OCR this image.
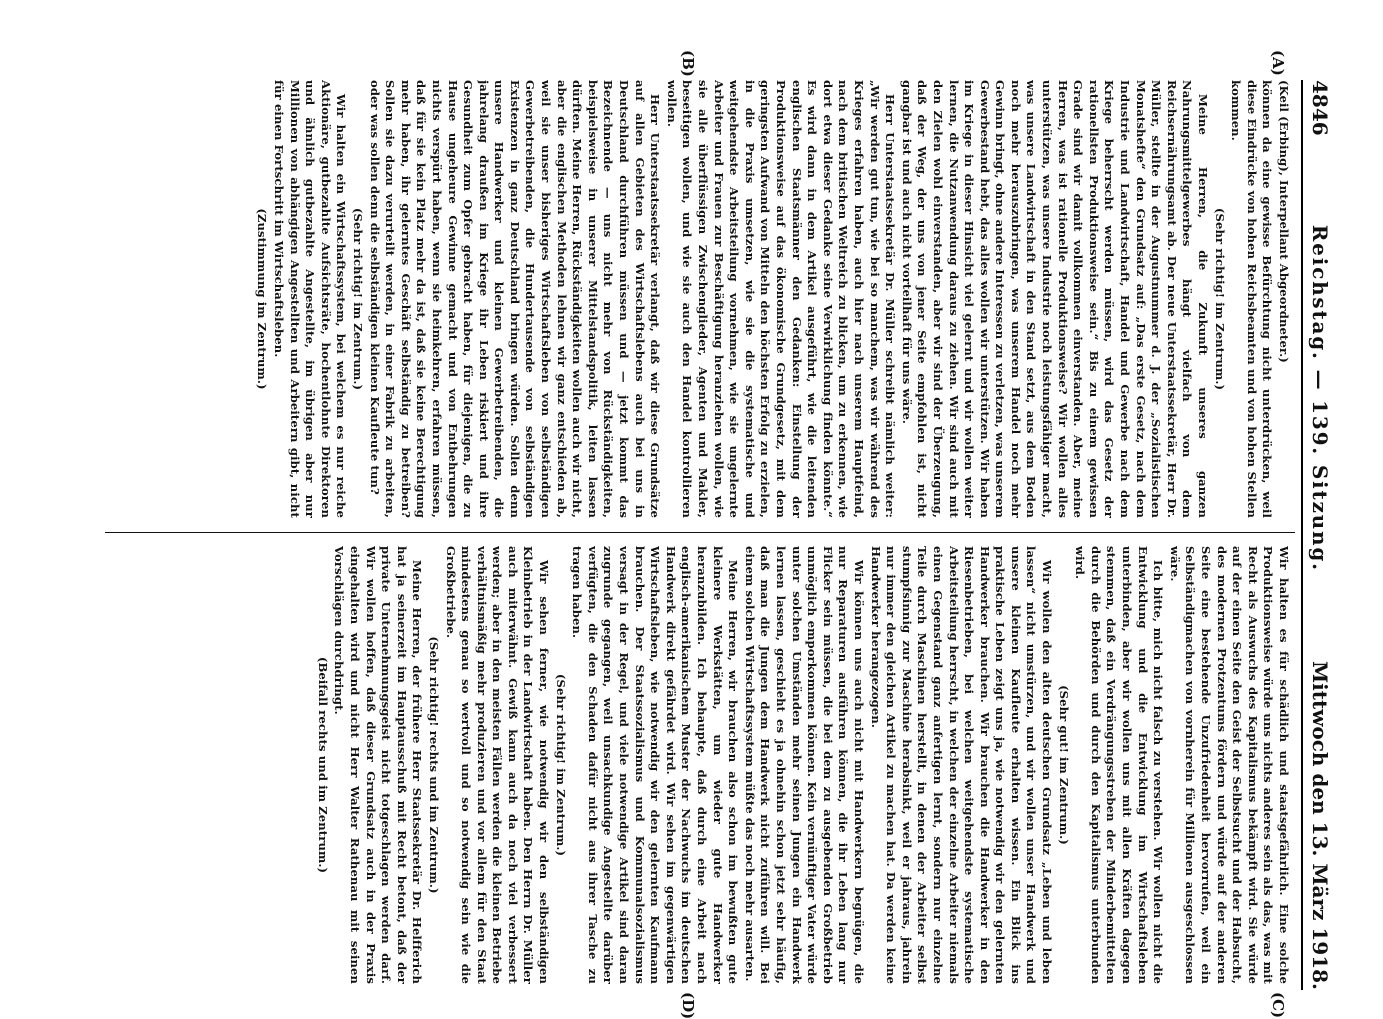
4846
Reichstag. — 139. Sitzung.
Mittwoch den 13. März 1918.
(A)
(B)
(C)
(D)

(Keil (Erbing), Interpellant Abgeordneter.)

können da eine gewisse Befürchtung nicht unterdrücken, weil diese Eindrücke von hohen Reichsbeamten und von hohen Stellen kommen.

(Sehr richtig! im Zentrum.)

Meine Herren, die Zukunft unseres ganzen Nahrungsmittelgewerbes hängt vielfach von dem Reichsernährungsamt ab. Der neue Unterstaatssekretär, Herr Dr. Müller, stellte in der Augustnummer d. J. der „Sozialistischen Monatshefte“ den Grundsatz auf: „Das erste Gesetz, nach dem Industrie und Landwirtschaft, Handel und Gewerbe nach dem Kriege beherrscht werden müssen, wird das Gesetz der rationellsten Produktionsweise sein.“ Bis zu einem gewissen Grade sind wir damit vollkommen einverstanden. Aber, meine Herren, was ist rationelle Produktionsweise? Wir wollen alles unterstützen, was unsere Industrie noch leistungsfähiger macht, was unsere Landwirtschaft in den Stand setzt, aus dem Boden noch mehr herauszubringen, was unserem Handel noch mehr Gewinn bringt, ohne andere Interessen zu verletzen, was unserem Gewerbestand hebt, das alles wollen wir unterstützen. Wir haben im Kriege in dieser Hinsicht viel gelernt und wir wollen weiter lernen, die Nutzanwendung daraus zu ziehen. Wir sind auch mit den Zielen wohl einverstanden, aber wir sind der Überzeugung, daß der Weg, der uns von jener Seite empfohlen ist, nicht gangbar ist und auch nicht vorteilhaft für uns wäre.

Herr Unterstaatssekretär Dr. Müller schreibt nämlich weiter: „Wir werden gut tun, wie bei so manchem, was wir während des Krieges erfahren haben, auch hier nach unserem Hauptfeind, nach dem britischen Weltreich zu blicken, um zu erkennen, wie dort etwa dieser Gedanke seine Verwirklichung finden könnte.“ Es wird dann in dem Artikel ausgeführt, wie die leitenden englischen Staatsmänner den Gedanken: Einstellung der Produktionsweise auf das ökonomische Grundgesetz, mit dem geringsten Aufwand von Mitteln den höchsten Erfolg zu erzielen, in die Praxis umsetzen, wie sie die systematische und weitgehendste Arbeitsteilung vornehmen, wie sie ungelernte Arbeiter und Frauen zur Beschäftigung heranziehen wollen, wie sie alle überflüssigen Zwischenglieder, Agenten und Makler, beseitigen wollen, und wie sie auch den Handel kontrollieren wollen.

Herr Unterstaatssekretär verlangt, daß wir diese Grundsätze auf allen Gebieten des Wirtschaftslebens auch bei uns in Deutschland durchführen müssen und — jetzt kommt das Bezeichnende — uns nicht mehr von Rückständigkeiten, beispielsweise in unserer Mittelstandspolitik, leiten lassen dürften. Meine Herren, Rückständigkeiten wollen auch wir nicht, aber die englischen Methoden lehnen wir ganz entschieden ab, weil sie unser bisheriges Wirtschaftsleben von selbständigen Gewerbetreibenden, die Hundertausende von selbständigen Existenzen in ganz Deutschland bringen würden. Sollen denn unsere Handwerker und kleinen Gewerbetreibenden, die jahrelang draußen im Kriege ihr Leben riskiert und ihre Gesundheit zum Opfer gebracht haben, für diejenigen, die zu Hause ungeheure Gewinne gemacht und von Entbehrungen nichts verspürt haben, wenn sie heimkehren, erfahren müssen, daß für sie kein Platz mehr da ist, daß sie keine Berechtigung mehr haben, ihr gelerntes Geschäft selbständig zu betreiben? Sollen sie dazu verurteilt werden, in einer Fabrik zu arbeiten, oder was sollen denn die selbständigen kleinen Kaufleute tun?

(Sehr richtig! im Zentrum.)

Wir halten ein Wirtschaftssystem, bei welchem es nur reiche Aktionäre, gutbezahlte Aufsichtsräte, hochentlohnte Direktoren und ähnlich gutbezahlte Angestellte, im übrigen aber nur Millionen von abhängigen Angestellten und Arbeitern gibt, nicht für einen Fortschritt im Wirtschaftsleben.

(Zustimmung im Zentrum.)

Wir halten es für schädlich und staatsgefährlich. Eine solche Produktionsweise würde uns nichts anderes sein als das, was mit Recht als Auswuchs des Kapitalismus bekämpft wird. Sie würde auf der einen Seite den Geist der Selbstsucht und der Habsucht, des modernen Protzentums fördern und würde auf der anderen Seite eine bestehende Unzufriedenheit hervorrufen, weil ein Selbständigmachen von vornherein für Millionen ausgeschlossen wäre.

Ich bitte, mich nicht falsch zu verstehen. Wir wollen nicht die Entwicklung und die Entwicklung im Wirtschaftsleben unterbinden, aber wir wollen uns mit allen Kräften dagegen stemmen, daß ein Verdrängungsstreben der Minderbemittelten durch die Behörden und durch den Kapitalismus unterbunden wird.

(Sehr gut! im Zentrum.)

Wir wollen den alten deutschen Grundsatz „Leben und leben lassen“ nicht umstürzen, und wir wollen unser Handwerk und unsere kleinen Kaufleute erhalten wissen. Ein Blick ins praktische Leben zeigt uns ja, wie notwendig wir den gelernten Handwerker brauchen. Wir brauchen die Handwerker in den Riesenbetrieben, bei welchen weitgehendste systematische Arbeitsteilung herrscht, in welchen der einzelne Arbeiter niemals einen Gegenstand ganz anfertigen lernt, sondern nur einzelne Teile durch Maschinen herstellt, in denen der Arbeiter selbst stumpfsinnig zur Maschine herabsinkt, weil er jahraus, jahrein nur immer den gleichen Artikel zu machen hat. Da werden keine Handwerker herangezogen.

Wir können uns auch nicht mit Handwerkern begnügen, die nur Reparaturen ausführen können, die ihr Leben lang nur Flicker sein müssen, die bei dem zu ausgebenden Großbetrieb unmöglich emporkommen können. Kein vernünftiger Vater würde unter solchen Umständen mehr seinen Jungen ein Handwerk lernen lassen, geschieht es ja ohnehin schon jetzt sehr häufig, daß man die Jungen dem Handwerk nicht zuführen will. Bei einem solchen Wirtschaftssystem müßte das noch mehr ausarten.

Meine Herren, wir brauchen also schon im bewußten gute kleinere Werkstätten, um wieder gute Handwerker heranzubilden. Ich behaupte, daß durch eine Arbeit nach englisch-amerikanischem Muster der Nachwuchs im deutschen Handwerk direkt gefährdet wird. Wir sehen im gegenwärtigen Wirtschaftsleben, wie notwendig wir den gelernten Kaufmann brauchen. Der Staatssozialismus und Kommunalsozialismus versagt in der Regel, und viele notwendige Artikel sind daran zugrunde gegangen, weil unsachkundige Angestellte darüber verfügten, die den Schaden dafür nicht aus ihrer Tasche zu tragen haben.

(Sehr richtig! im Zentrum.)

Wir sehen ferner, wie notwendig wir den selbständigen Kleinbetrieb in der Landwirtschaft haben. Den Herrn Dr. Müller auch miterwähnt. Gewiß kann auch da noch viel verbessert werden; aber in den meisten Fällen werden die kleinen Betriebe verhältnismäßig mehr produzieren und vor allem für den Staat mindestens genau so wertvoll und so notwendig sein wie die Großbetriebe.

(Sehr richtig! rechts und im Zentrum.)

Meine Herren, der frühere Herr Staatssekretär Dr. Helfferich hat ja seinerzeit im Hauptausschuß mit Recht betont, daß der private Unternehmungsgeist nicht totgeschlagen werden darf. Wir wollen hoffen, daß dieser Grundsatz auch in der Praxis eingehalten wird und nicht Herr Walter Rathenau mit seinen Vorschlägen durchdringt.

(Beifall rechts und im Zentrum.)
